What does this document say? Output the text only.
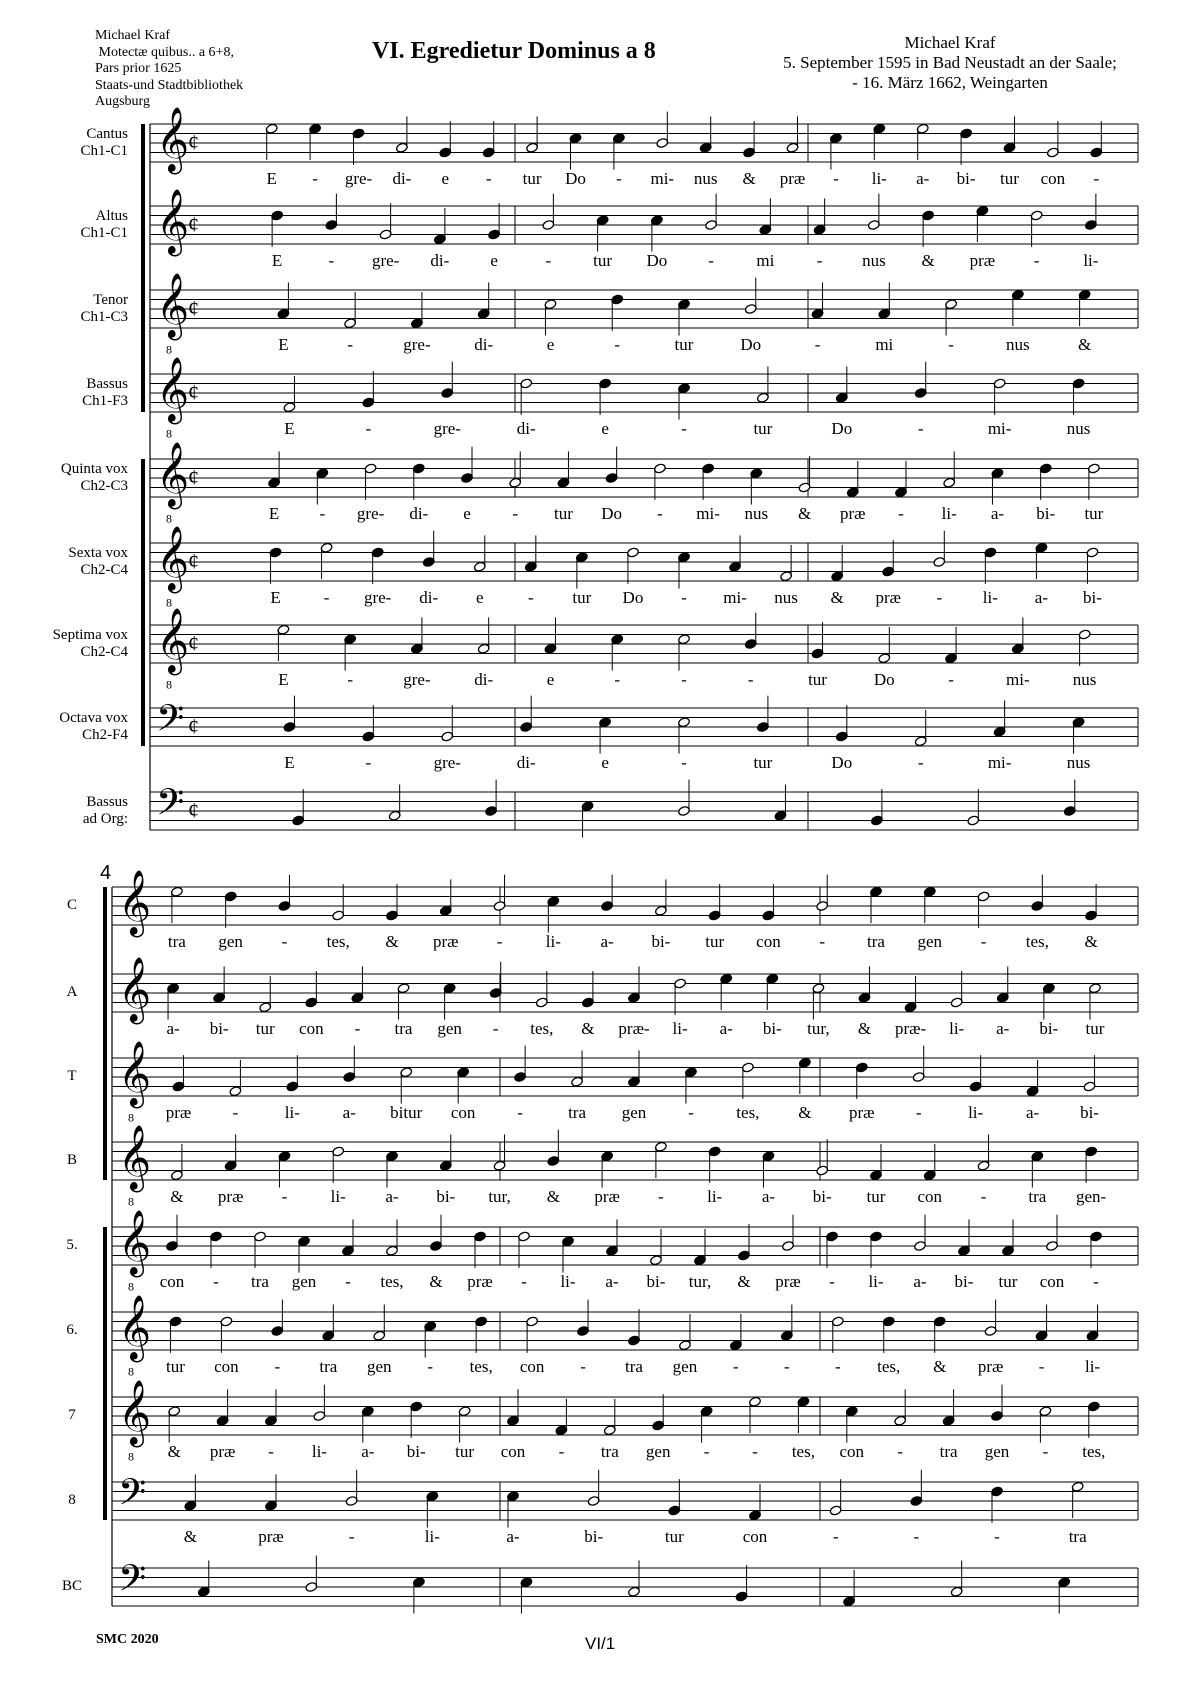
Michael Kraf
Motectæ quibus.. a 6+8,
Pars prior 1625
Staats-und Stadtbibliothek
Augsburg
VI. Egredietur Dominus a 8	Michael Kraf
5. September 1595 in Bad Neustadt an der Saale;
- 16. März 1662, Weingarten
Cantus
Ch1-C1 𝄞
¢
E - gre- di- e - tur Do - mi- nus & præ - li- a- bi- tur con -
Altus
Ch1-C1 𝄞
¢
E	- gre- di- e	- tur Do - mi - nus & præ -	li-
Tenor
Ch1-C3 𝄞
8
¢
E	-	gre-	di-	e	-	tur	Do	-	mi	-	nus	&
Bassus
Ch1-F3 𝄞
8
¢
E	-	gre-	di-	e	-	tur	Do	-	mi-	nus
Quinta vox
Ch2-C3 𝄞
8
¢
E - gre- di- e - tur Do - mi- nus & præ - li- a- bi- tur
Sexta vox
Ch2-C4 𝄞
8
¢
E	- gre- di- e	- tur Do - mi- nus & præ - li- a- bi-
Septima vox
Ch2-C4 𝄞
8
¢
E	-	gre-	di-	e	-	-	-	tur	Do	-	mi-	nus
Octava vox
Ch2-F4 𝄢 ¢
E	-	gre-	di-	e	-	tur	Do	-	mi-	nus
Bassus
ad Org: 𝄢 ¢
4
C 𝄞
tra gen - tes, & præ -	li- a- bi- tur con - tra gen - tes, &
A 𝄞
a- bi- tur con - tra gen - tes, & præ- li- a- bi- tur, & præ- li- a- bi- tur
T 𝄞
8 præ -	li-	a- bitur con -	tra gen -	tes, & præ -	li-	a- bi-
B 𝄞
8 & præ -	li- a- bi- tur, & præ -	li- a- bi- tur con - tra gen-
5. 𝄞
8 con - tra gen - tes, & præ - li- a- bi- tur, & præ - li- a- bi- tur con -
6. 𝄞
8 tur con - tra gen - tes, con - tra gen -	-	- tes, & præ - li-
7 𝄞
8 & præ - li- a- bi- tur con - tra gen -	- tes, con - tra gen - tes,
8 𝄢
&	præ	-	li-	a-	bi-	tur	con	-	-	-	tra
BC 𝄢
SMC 2020	VI/1
